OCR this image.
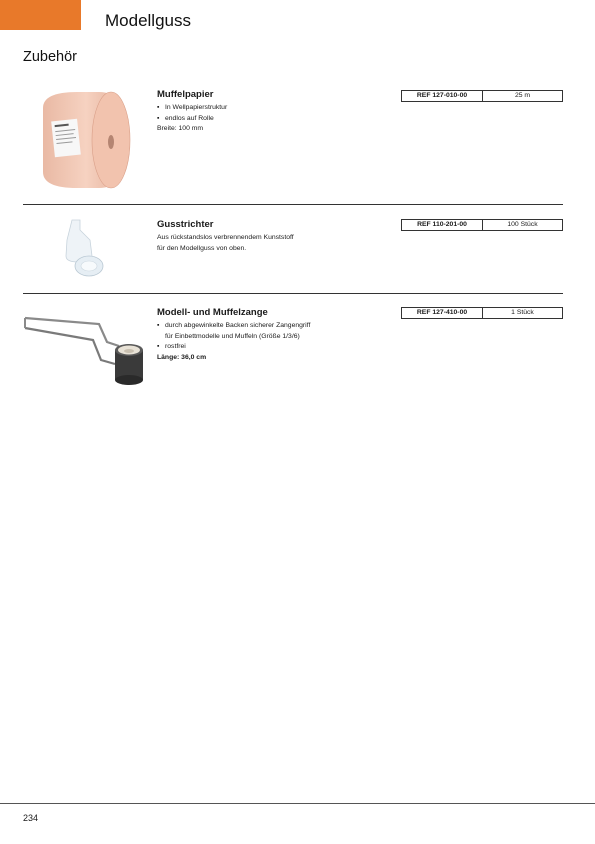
Modellguss
Zubehör
Muffelpapier
▪ In Wellpapierstruktur
▪ endlos auf Rolle
Breite: 100 mm
REF 127-010-00	25 m
Gusstrichter
Aus rückstandslos verbrennendem Kunststoff
für den Modellguss von oben.
REF 110-201-00	100 Stück
Modell- und Muffelzange
▪ durch abgewinkelte Backen sicherer Zangengriff
für Einbettmodelle und Muffeln (Größe 1/3/6)
▪ rostfrei
Länge: 36,0 cm
REF 127-410-00	1 Stück
234
